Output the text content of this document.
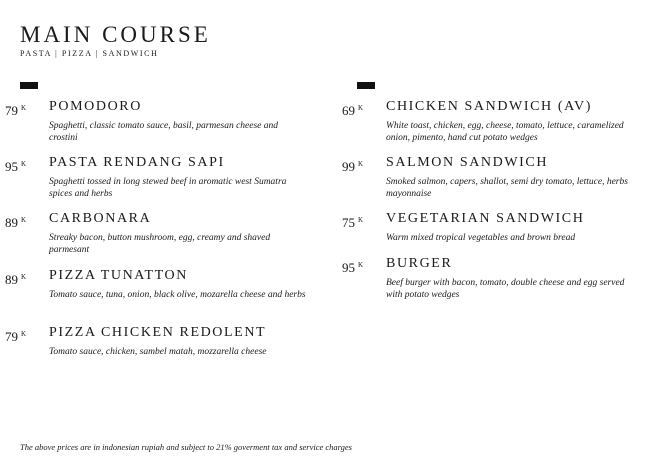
MAIN COURSE
PASTA | PIZZA | SANDWICH
79 $^K$ POMODORO
Spaghetti, classic tomato sauce, basil, parmesan cheese and crostini
95 $^K$ PASTA RENDANG SAPI
Spaghetti tossed in long stewed beef in aromatic west Sumatra spices and herbs
89 $^K$ CARBONARA
Streaky bacon, button mushroom, egg, creamy and shaved parmesant
89 $^K$ PIZZA TUNATTON
Tomato sauce, tuna, onion, black olive, mozarella cheese and herbs
79 $^K$ PIZZA CHICKEN REDOLENT
Tomato sauce, chicken, sambel matah, mozzarella cheese
69 $^K$ CHICKEN SANDWICH (AV)
White toast, chicken, egg, cheese, tomato, lettuce, caramelized onion, pimento, hand cut potato wedges
99 $^K$ SALMON SANDWICH
Smoked salmon, capers, shallot, semi dry tomato, lettuce, herbs mayonnaise
75 $^K$ VEGETARIAN SANDWICH
Warm mixed tropical vegetables and brown bread
95 $^K$ BURGER
Beef burger with bacon, tomato, double cheese and egg served with potato wedges
The above prices are in indonesian rupiah and subject to 21% goverment tax and service charges
